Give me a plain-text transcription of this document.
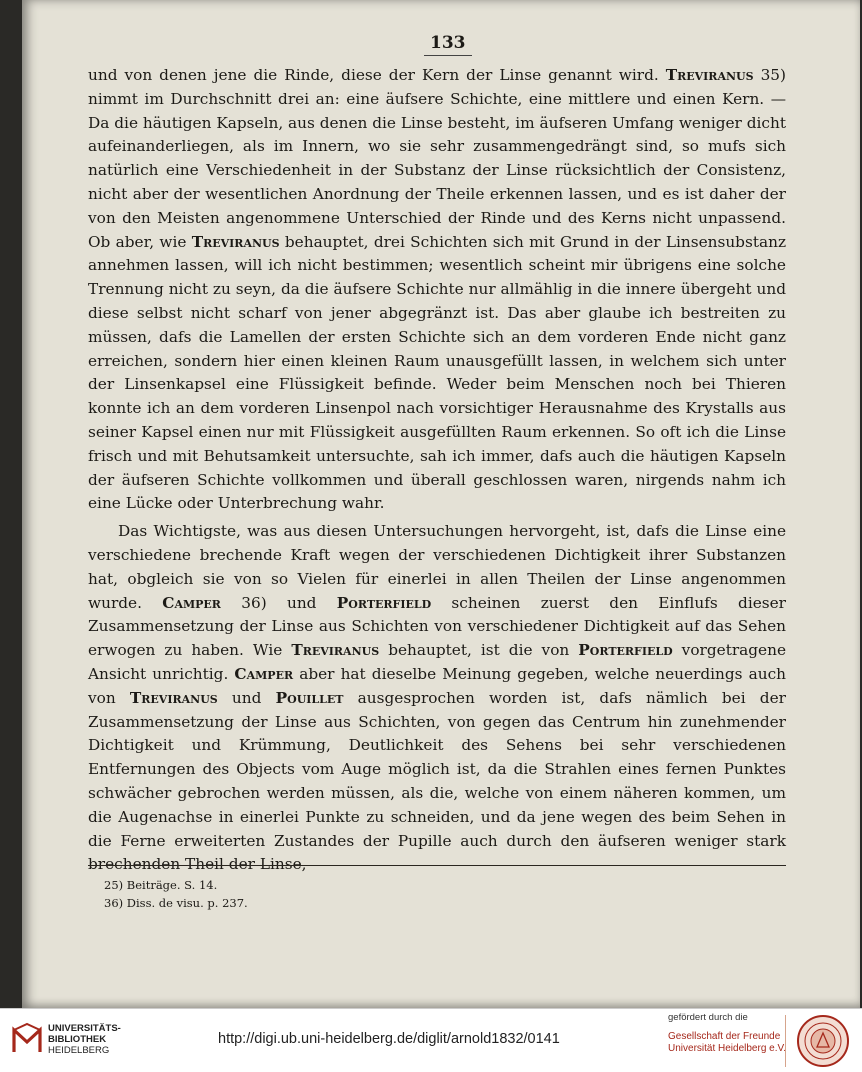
133

und von denen jene die Rinde, diese der Kern der Linse genannt wird. Treviranus 35) nimmt im Durchschnitt drei an: eine äufsere Schichte, eine mittlere und einen Kern. — Da die häutigen Kapseln, aus denen die Linse besteht, im äufseren Umfang weniger dicht aufeinanderliegen, als im Innern, wo sie sehr zusammengedrängt sind, so mufs sich natürlich eine Verschiedenheit in der Substanz der Linse rücksichtlich der Consistenz, nicht aber der wesentlichen Anordnung der Theile erkennen lassen, und es ist daher der von den Meisten angenommene Unterschied der Rinde und des Kerns nicht unpassend. Ob aber, wie Treviranus behauptet, drei Schichten sich mit Grund in der Linsensubstanz annehmen lassen, will ich nicht bestimmen; wesentlich scheint mir übrigens eine solche Trennung nicht zu seyn, da die äufsere Schichte nur allmählig in die innere übergeht und diese selbst nicht scharf von jener abgegränzt ist. Das aber glaube ich bestreiten zu müssen, dafs die Lamellen der ersten Schichte sich an dem vorderen Ende nicht ganz erreichen, sondern hier einen kleinen Raum unausgefüllt lassen, in welchem sich unter der Linsenkapsel eine Flüssigkeit befinde. Weder beim Menschen noch bei Thieren konnte ich an dem vorderen Linsenpol nach vorsichtiger Herausnahme des Krystalls aus seiner Kapsel einen nur mit Flüssigkeit ausgefüllten Raum erkennen. So oft ich die Linse frisch und mit Behutsamkeit untersuchte, sah ich immer, dafs auch die häutigen Kapseln der äufseren Schichte vollkommen und überall geschlossen waren, nirgends nahm ich eine Lücke oder Unterbrechung wahr.

Das Wichtigste, was aus diesen Untersuchungen hervorgeht, ist, dafs die Linse eine verschiedene brechende Kraft wegen der verschiedenen Dichtigkeit ihrer Substanzen hat, obgleich sie von so Vielen für einerlei in allen Theilen der Linse angenommen wurde. Camper 36) und Porterfield scheinen zuerst den Einflufs dieser Zusammensetzung der Linse aus Schichten von verschiedener Dichtigkeit auf das Sehen erwogen zu haben. Wie Treviranus behauptet, ist die von Porterfield vorgetragene Ansicht unrichtig. Camper aber hat dieselbe Meinung gegeben, welche neuerdings auch von Treviranus und Pouillet ausgesprochen worden ist, dafs nämlich bei der Zusammensetzung der Linse aus Schichten, von gegen das Centrum hin zunehmender Dichtigkeit und Krümmung, Deutlichkeit des Sehens bei sehr verschiedenen Entfernungen des Objects vom Auge möglich ist, da die Strahlen eines fernen Punktes schwächer gebrochen werden müssen, als die, welche von einem näheren kommen, um die Augenachse in einerlei Punkte zu schneiden, und da jene wegen des beim Sehen in die Ferne erweiterten Zustandes der Pupille auch durch den äufseren weniger stark brechenden Theil der Linse,

25) Beiträge. S. 14.
36) Diss. de visu. p. 237.
UNIVERSITÄTS-
BIBLIOTHEK
HEIDELBERG
http://digi.ub.uni-heidelberg.de/diglit/arnold1832/0141
gefördert durch die
Gesellschaft der Freunde
Universität Heidelberg e.V.
